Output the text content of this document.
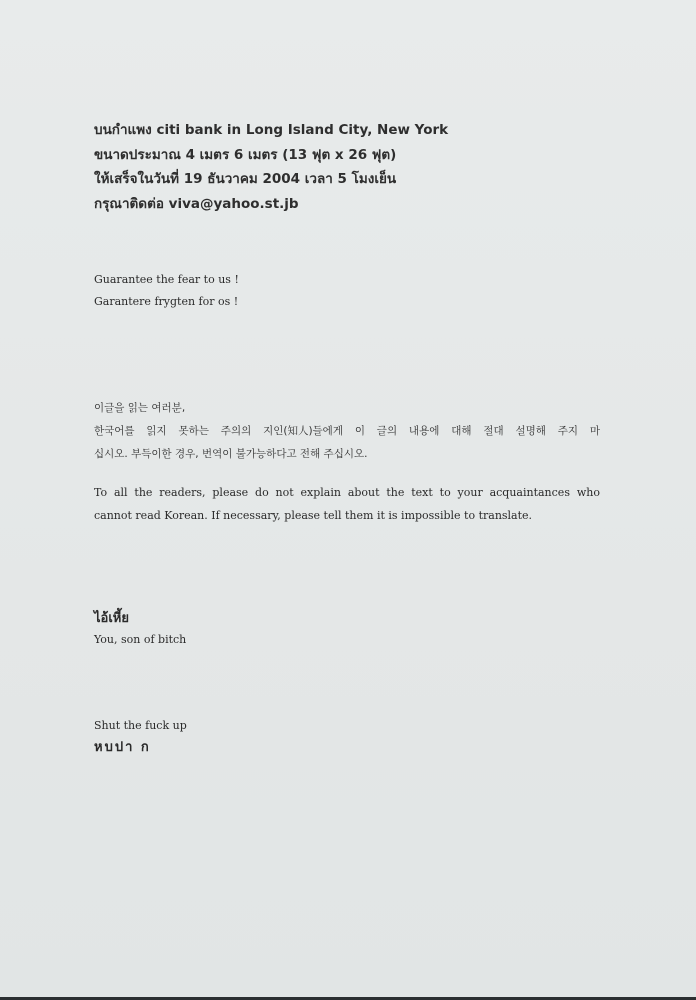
บนกำแพง citi bank in Long Island City, New York
ขนาดประมาณ 4 เมตร 6 เมตร (13 ฟุต x 26 ฟุต)
ให้เสร็จในวันที่ 19 ธันวาคม 2004 เวลา 5 โมงเย็น
กรุณาติดต่อ viva@yahoo.st.jb
Guarantee the fear to us !
Garantere frygten for os !
이글을 읽는 여러분,
한국어를 읽지 못하는 주의의 지인(知人)들에게 이 글의 내용에 대해 절대 설명해 주지 마
십시오. 부득이한 경우, 번역이 불가능하다고 전해 주십시오.
To all the readers, please do not explain about the text to your acquaintances who
cannot read Korean. If necessary, please tell them it is impossible to translate.
ไอ้เหี้ย
You, son of bitch
Shut the fuck up
หบปา ก
